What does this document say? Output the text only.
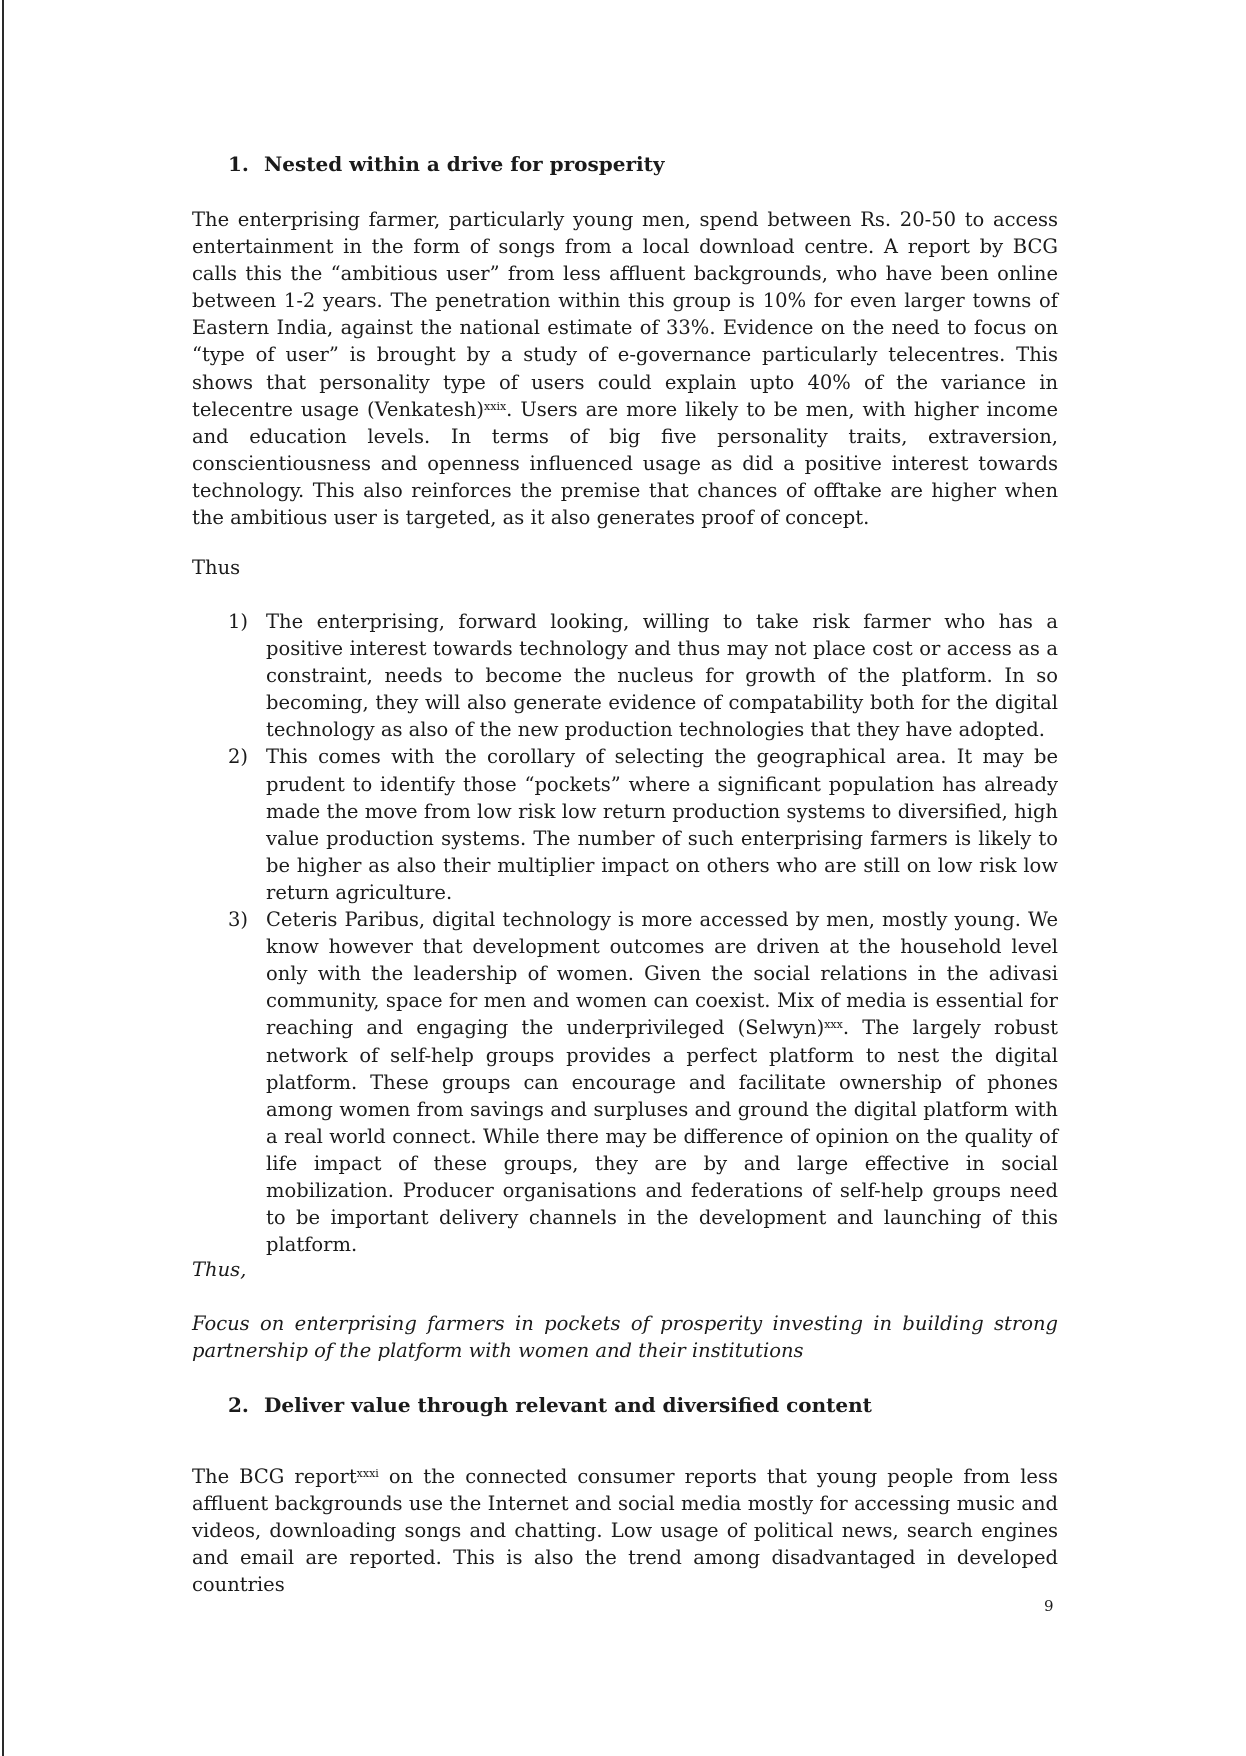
1. Nested within a drive for prosperity

The enterprising farmer, particularly young men, spend between Rs. 20-50 to access entertainment in the form of songs from a local download centre. A report by BCG calls this the “ambitious user” from less affluent backgrounds, who have been online between 1-2 years. The penetration within this group is 10% for even larger towns of Eastern India, against the national estimate of 33%. Evidence on the need to focus on “type of user” is brought by a study of e-governance particularly telecentres. This shows that personality type of users could explain upto 40% of the variance in telecentre usage (Venkatesh)$^{xxix}$. Users are more likely to be men, with higher income and education levels. In terms of big five personality traits, extraversion, conscientiousness and openness influenced usage as did a positive interest towards technology. This also reinforces the premise that chances of offtake are higher when the ambitious user is targeted, as it also generates proof of concept.

Thus

1) The enterprising, forward looking, willing to take risk farmer who has a positive interest towards technology and thus may not place cost or access as a constraint, needs to become the nucleus for growth of the platform. In so becoming, they will also generate evidence of compatability both for the digital technology as also of the new production technologies that they have adopted.
2) This comes with the corollary of selecting the geographical area. It may be prudent to identify those “pockets” where a significant population has already made the move from low risk low return production systems to diversified, high value production systems. The number of such enterprising farmers is likely to be higher as also their multiplier impact on others who are still on low risk low return agriculture.
3) Ceteris Paribus, digital technology is more accessed by men, mostly young. We know however that development outcomes are driven at the household level only with the leadership of women. Given the social relations in the adivasi community, space for men and women can coexist. Mix of media is essential for reaching and engaging the underprivileged (Selwyn)$^{xxx}$. The largely robust network of self-help groups provides a perfect platform to nest the digital platform. These groups can encourage and facilitate ownership of phones among women from savings and surpluses and ground the digital platform with a real world connect. While there may be difference of opinion on the quality of life impact of these groups, they are by and large effective in social mobilization. Producer organisations and federations of self-help groups need to be important delivery channels in the development and launching of this platform.

Thus,

Focus on enterprising farmers in pockets of prosperity investing in building strong partnership of the platform with women and their institutions

2. Deliver value through relevant and diversified content

The BCG report$^{xxxi}$ on the connected consumer reports that young people from less affluent backgrounds use the Internet and social media mostly for accessing music and videos, downloading songs and chatting. Low usage of political news, search engines and email are reported. This is also the trend among disadvantaged in developed countries

9
